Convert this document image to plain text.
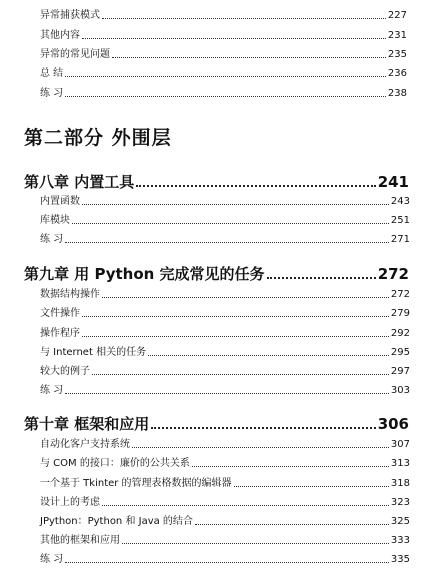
异常捕获模式	227
其他内容	231
异常的常见问题	235
总 结	236
练 习	238
第二部分 外围层
第八章 内置工具	241
内置函数	243
库模块	251
练 习	271
第九章 用 Python 完成常见的任务	272
数据结构操作	272
文件操作	279
操作程序	292
与 Internet 相关的任务	295
较大的例子	297
练 习	303
第十章 框架和应用	306
自动化客户支持系统	307
与 COM 的接口：廉价的公共关系	313
一个基于 Tkinter 的管理表格数据的编辑器	318
设计上的考虑	323
JPython：Python 和 Java 的结合	325
其他的框架和应用	333
练 习	335
